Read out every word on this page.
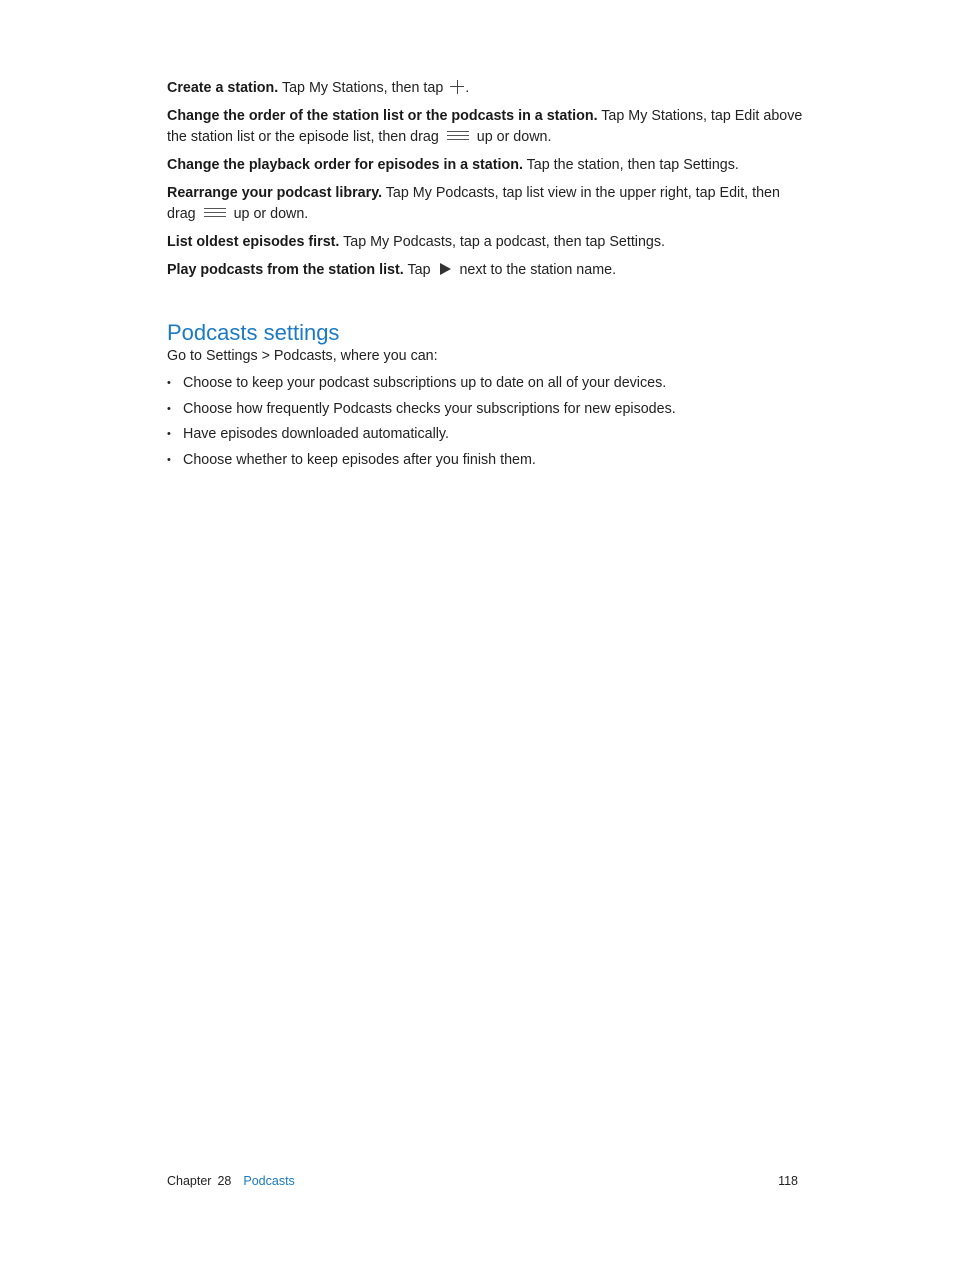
Create a station. Tap My Stations, then tap .

Change the order of the station list or the podcasts in a station. Tap My Stations, tap Edit above the station list or the episode list, then drag  up or down.

Change the playback order for episodes in a station. Tap the station, then tap Settings.

Rearrange your podcast library. Tap My Podcasts, tap list view in the upper right, tap Edit, then drag  up or down.

List oldest episodes first. Tap My Podcasts, tap a podcast, then tap Settings.

Play podcasts from the station list. Tap  next to the station name.

Podcasts settings

Go to Settings > Podcasts, where you can:

• Choose to keep your podcast subscriptions up to date on all of your devices.
• Choose how frequently Podcasts checks your subscriptions for new episodes.
• Have episodes downloaded automatically.
• Choose whether to keep episodes after you finish them.
Chapter 28 Podcasts	118
